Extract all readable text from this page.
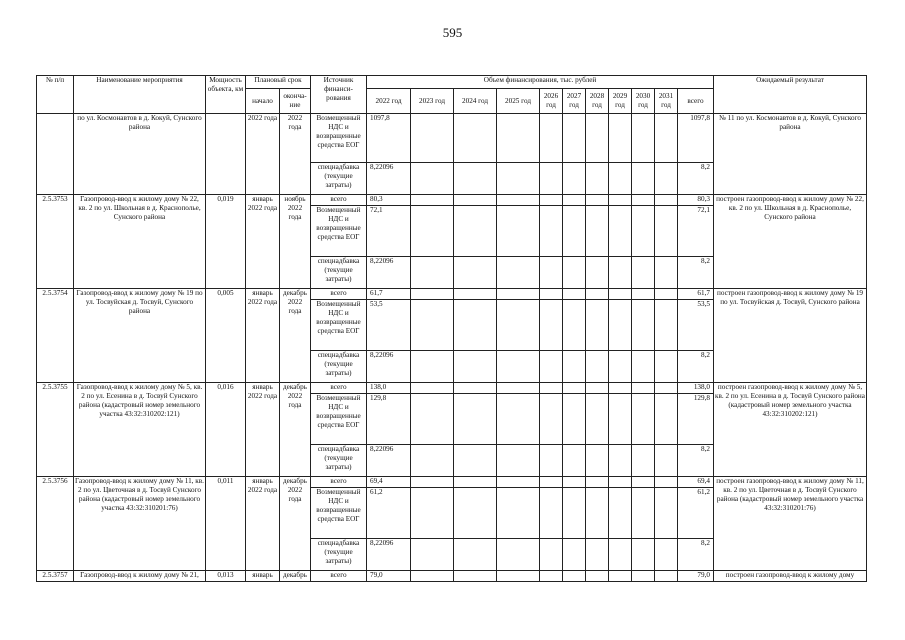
595
№ п/п	Наименование мероприятия	Мощность объекта, км	Плановый срок		Источник финанси-рования	Объем финансирования, тыс. рублей											Ожидаемый результат
			начало	оконча-ние		2022 год	2023 год	2024 год	2025 год	2026 год	2027 год	2028 год	2029 год	2030 год	2031 год	всего	
	по ул. Космонавтов в д. Кокуй, Сунского района		2022 года	2022 года	Возмещенный НДС и возвращенные средства ЕОГ	1097,8										1097,8	№ 11 по ул. Космонавтов в д. Кокуй, Сунского района
					спецнадбавка (текущие затраты)	8,22096										8,2	
2.5.3753	Газопровод-ввод к жилому дому № 22, кв. 2 по ул. Школьная в д. Краснополье, Сунского района	0,019	январь 2022 года	ноябрь 2022 года	всего	80,3										80,3	построен газопровод-ввод к жилому дому № 22, кв. 2 по ул. Школьная в д. Краснополье, Сунского района
					Возмещенный НДС и возвращенные средства ЕОГ	72,1										72,1	
					спецнадбавка (текущие затраты)	8,22096										8,2	
2.5.3754	Газопровод-ввод к жилому дому № 19 по ул. Тосвуйская д. Тосвуй, Сунского района	0,005	январь 2022 года	декабрь 2022 года	всего	61,7										61,7	построен газопровод-ввод к жилому дому № 19 по ул. Тосвуйская д. Тосвуй, Сунского района
					Возмещенный НДС и возвращенные средства ЕОГ	53,5										53,5	
					спецнадбавка (текущие затраты)	8,22096										8,2	
2.5.3755	Газопровод-ввод к жилому дому № 5, кв. 2 по ул. Есенина в д. Тосвуй Сунского района (кадастровый номер земельного участка 43:32:310202:121)	0,016	январь 2022 года	декабрь 2022 года	всего	138,0										138,0	построен газопровод-ввод к жилому дому № 5, кв. 2 по ул. Есенина в д. Тосвуй Сунского района (кадастровый номер земельного участка 43:32:310202:121)
					Возмещенный НДС и возвращенные средства ЕОГ	129,8										129,8	
					спецнадбавка (текущие затраты)	8,22096										8,2	
2.5.3756	Газопровод-ввод к жилому дому № 11, кв. 2 по ул. Цветочная в д. Тосвуй Сунского района (кадастровый номер земельного участка 43:32:310201:76)	0,011	январь 2022 года	декабрь 2022 года	всего	69,4										69,4	построен газопровод-ввод к жилому дому № 11, кв. 2 по ул. Цветочная в д. Тосвуй Сунского района (кадастровый номер земельного участка 43:32:310201:76)
					Возмещенный НДС и возвращенные средства ЕОГ	61,2										61,2	
					спецнадбавка (текущие затраты)	8,22096										8,2	
2.5.3757	Газопровод-ввод к жилому дому № 21,	0,013	январь	декабрь	всего	79,0										79,0	построен газопровод-ввод к жилому дому
